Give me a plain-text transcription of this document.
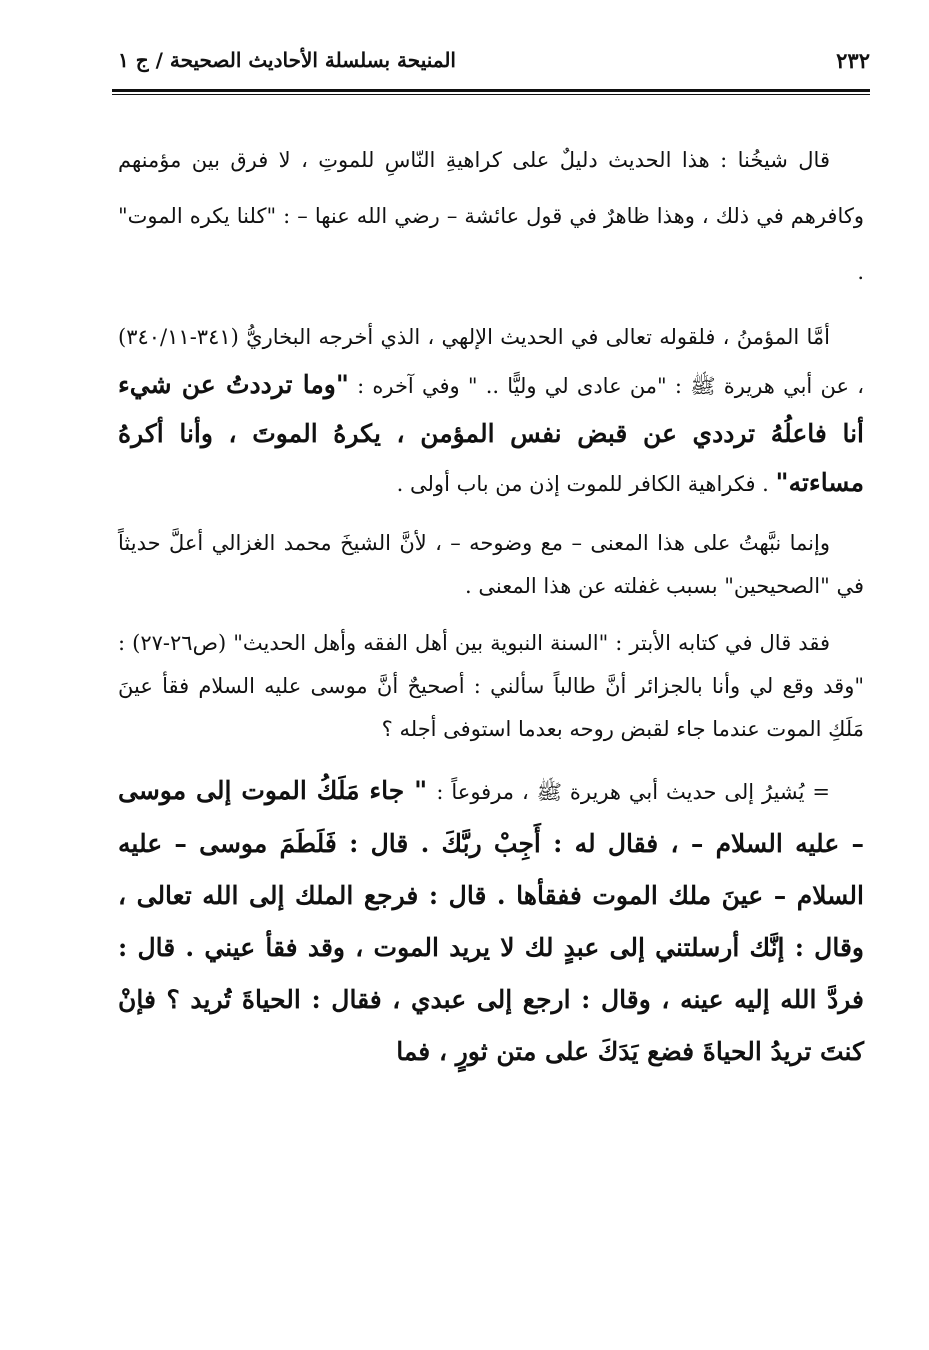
٢٣٢
المنيحة بسلسلة الأحاديث الصحيحة / ج ١

قال شيخُنا : هذا الحديث دليلٌ على كراهيةِ النّاسِ للموتِ ، لا فرق بين مؤمنهم وكافرهم في ذلك ، وهذا ظاهرٌ في قول عائشة – رضي الله عنها – : "كلنا يكره الموت" .

أمَّا المؤمنُ ، فلقوله تعالى في الحديث الإلهي ، الذي أخرجه البخاريُّ (٣٤١-٣٤٠/١١) ، عن أبي هريرة ﷺ : "من عادى لي وليًّا .. " وفي آخره : "وما ترددتُ عن شيء أنا فاعلُهُ ترددي عن قبض نفس المؤمن ، يكرهُ الموتَ ، وأنا أكرهُ مساءته" . فكراهية الكافر للموت إذن من باب أولى .

وإنما نبَّهتُ على هذا المعنى – مع وضوحه – ، لأنَّ الشيخَ محمد الغزالي أعلَّ حديثاً في "الصحيحين" بسبب غفلته عن هذا المعنى .

فقد قال في كتابه الأبتر : "السنة النبوية بين أهل الفقه وأهل الحديث" (ص٢٦-٢٧) : "وقد وقع لي وأنا بالجزائر أنَّ طالباً سألني : أصحيحٌ أنَّ موسى عليه السلام فقأ عينَ مَلَكِ الموت عندما جاء لقبض روحه بعدما استوفى أجله ؟

= يُشيرُ إلى حديث أبي هريرة ﷺ ، مرفوعاً : " جاء مَلَكُ الموت إلى موسى – عليه السلام – ، فقال له : أَجِبْ ربَّكَ . قال : فَلَطَمَ موسى – عليه السلام – عينَ ملك الموت ففقأها . قال : فرجع الملك إلى الله تعالى ، وقال : إنَّك أرسلتني إلى عبدٍ لك لا يريد الموت ، وقد فقأ عيني . قال : فردَّ الله إليه عينه ، وقال : ارجع إلى عبدي ، فقال : الحياةَ تُريد ؟ فإنْ كنتَ تريدُ الحياةَ فضع يَدَكَ على متن ثورٍ ، فما
